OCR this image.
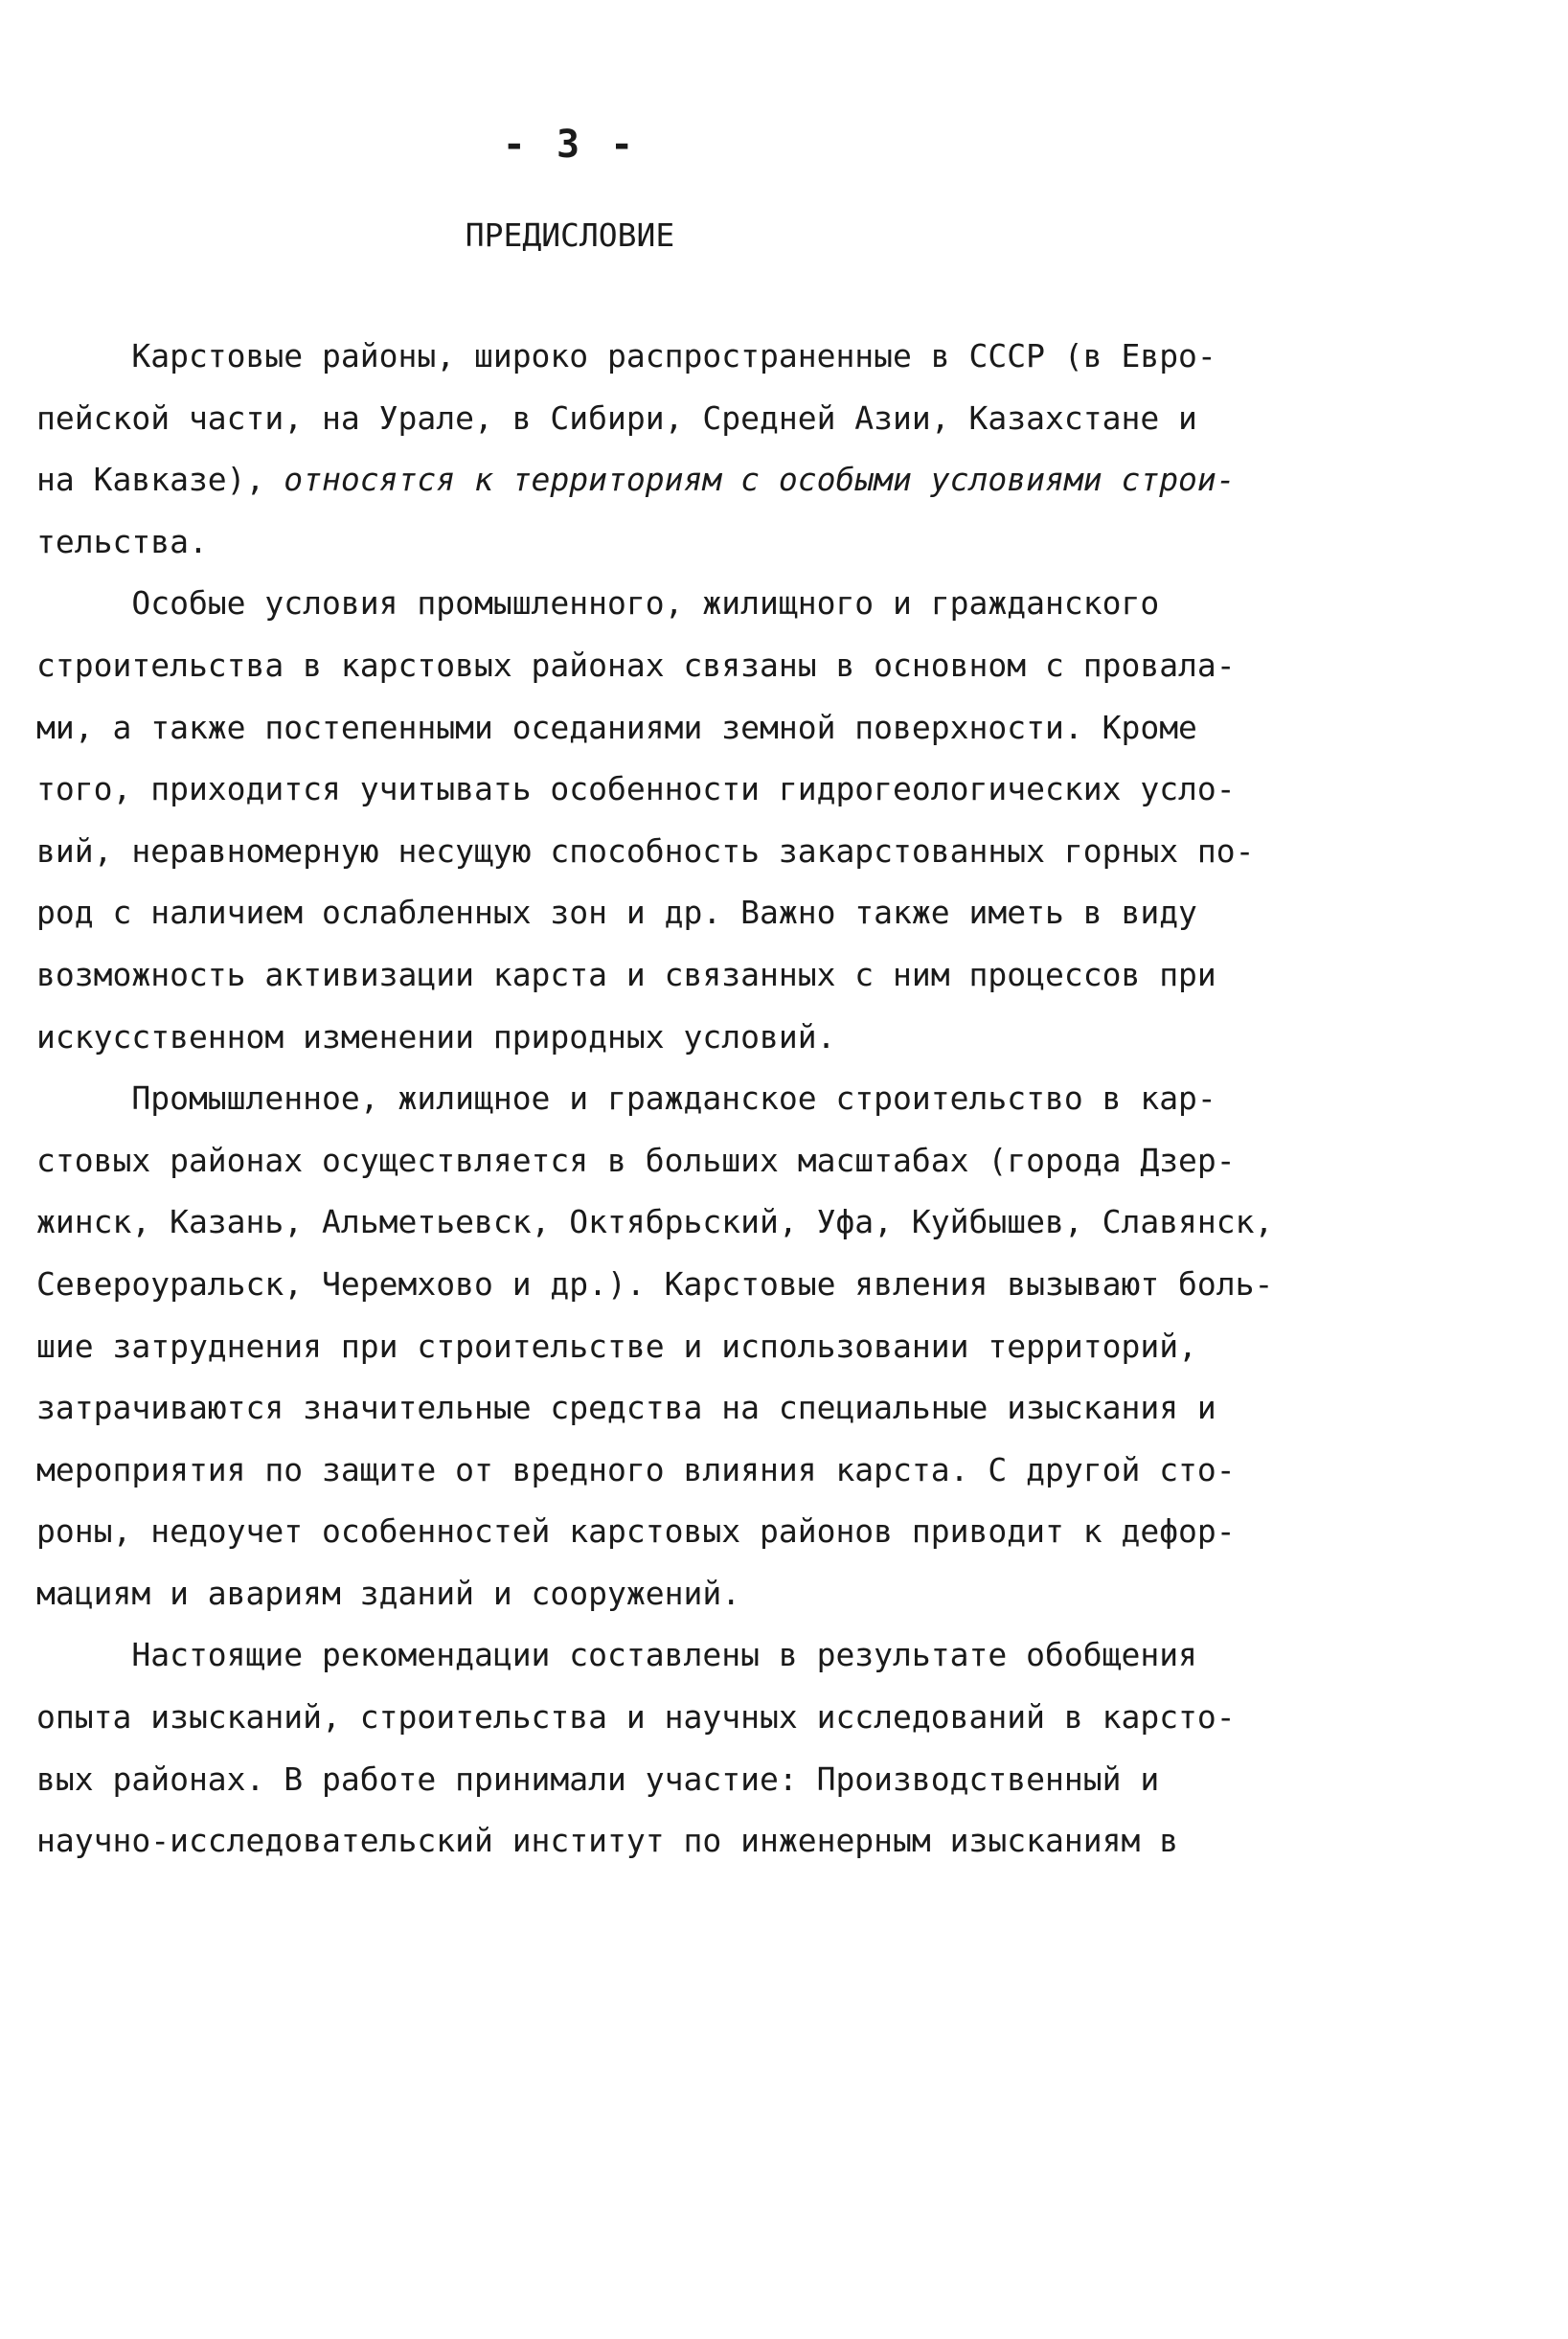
- 3 -
ПРЕДИСЛОВИЕ
Карстовые районы, широко распространенные в СССР (в Евро-
пейской части, на Урале, в Сибири, Средней Азии, Казахстане и
на Кавказе), относятся к территориям с особыми условиями строи-
тельства.
Особые условия промышленного, жилищного и гражданского
строительства в карстовых районах связаны в основном с провала-
ми, а также постепенными оседаниями земной поверхности. Кроме
того, приходится учитывать особенности гидрогеологических усло-
вий, неравномерную несущую способность закарстованных горных по-
род с наличием ослабленных зон и др. Важно также иметь в виду
возможность активизации карста и связанных с ним процессов при
искусственном изменении природных условий.
Промышленное, жилищное и гражданское строительство в кар-
стовых районах осуществляется в больших масштабах (города Дзер-
жинск, Казань, Альметьевск, Октябрьский, Уфа, Куйбышев, Славянск,
Североуральск, Черемхово и др.). Карстовые явления вызывают боль-
шие затруднения при строительстве и использовании территорий,
затрачиваются значительные средства на специальные изыскания и
мероприятия по защите от вредного влияния карста. С другой сто-
роны, недоучет особенностей карстовых районов приводит к дефор-
мациям и авариям зданий и сооружений.
Настоящие рекомендации составлены в результате обобщения
опыта изысканий, строительства и научных исследований в карсто-
вых районах. В работе принимали участие: Производственный и
научно-исследовательский институт по инженерным изысканиям в
